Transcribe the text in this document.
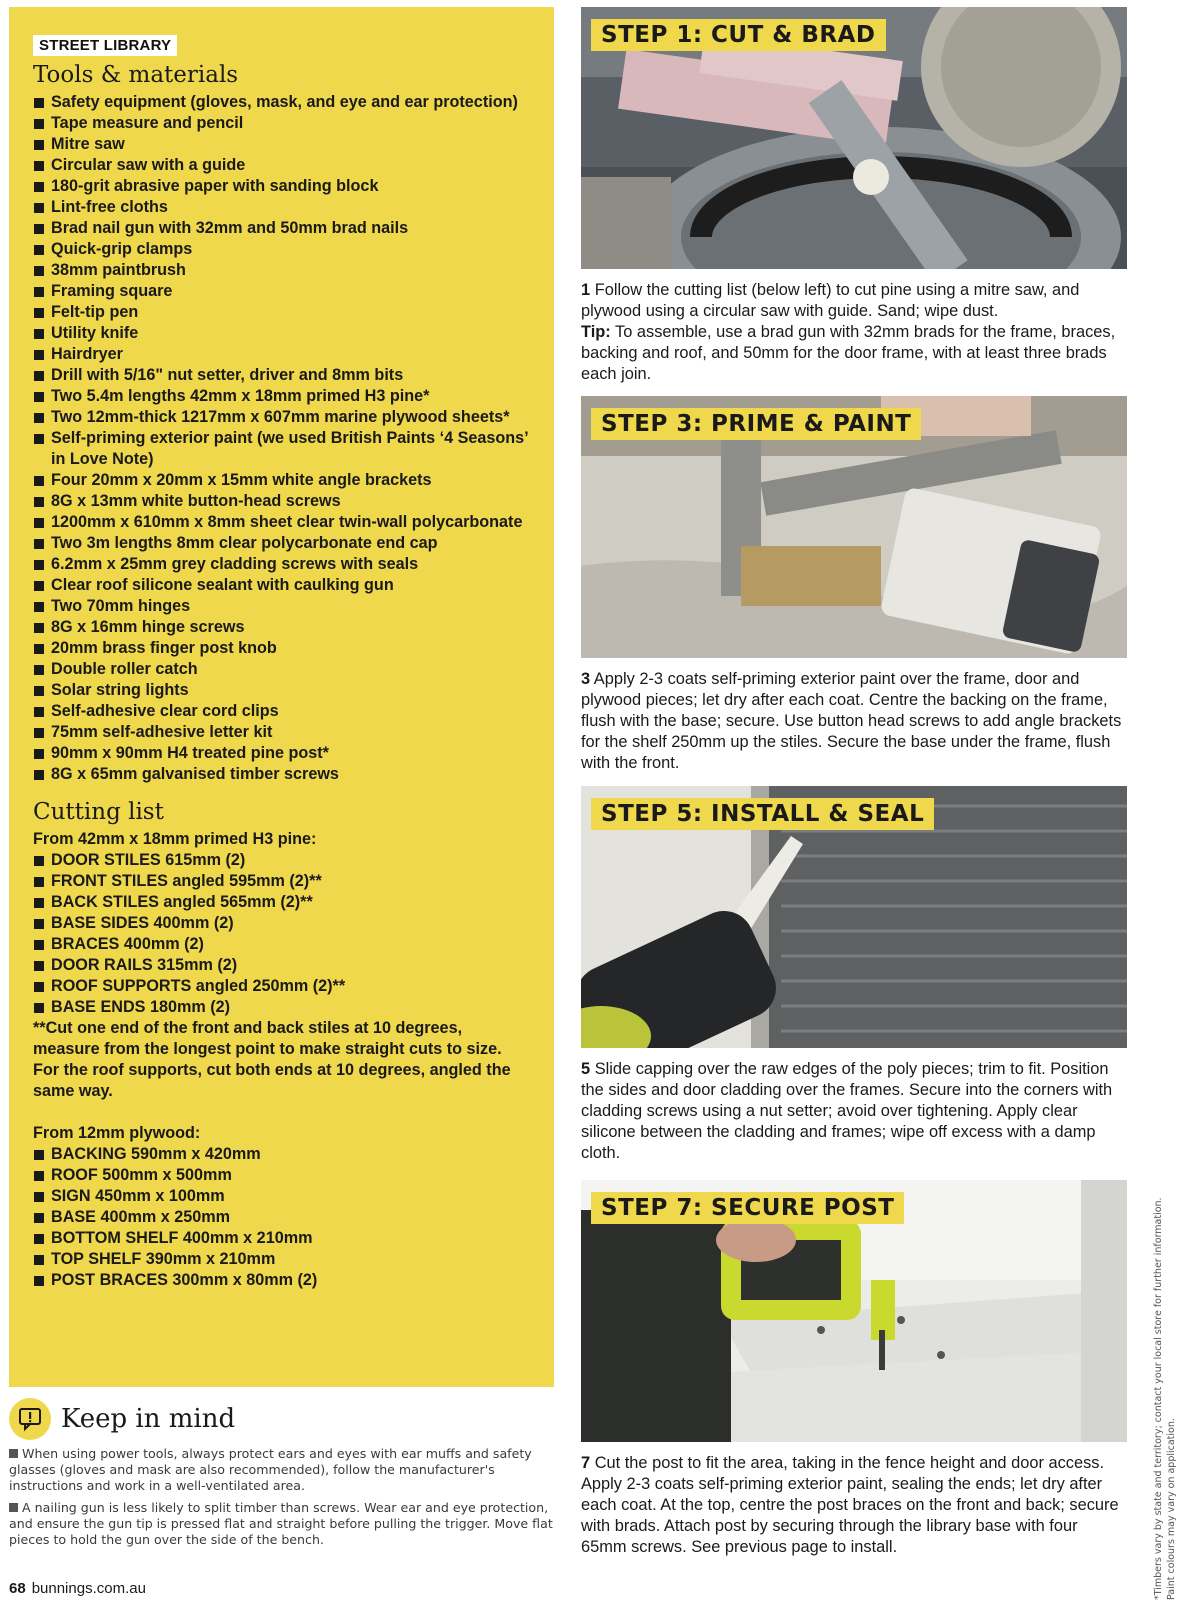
STREET LIBRARY
Tools & materials
Safety equipment (gloves, mask, and eye and ear protection)
Tape measure and pencil
Mitre saw
Circular saw with a guide
180-grit abrasive paper with sanding block
Lint-free cloths
Brad nail gun with 32mm and 50mm brad nails
Quick-grip clamps
38mm paintbrush
Framing square
Felt-tip pen
Utility knife
Hairdryer
Drill with 5/16" nut setter, driver and 8mm bits
Two 5.4m lengths 42mm x 18mm primed H3 pine*
Two 12mm-thick 1217mm x 607mm marine plywood sheets*
Self-priming exterior paint (we used British Paints ‘4 Seasons’ in Love Note)
Four 20mm x 20mm x 15mm white angle brackets
8G x 13mm white button-head screws
1200mm x 610mm x 8mm sheet clear twin-wall polycarbonate
Two 3m lengths 8mm clear polycarbonate end cap
6.2mm x 25mm grey cladding screws with seals
Clear roof silicone sealant with caulking gun
Two 70mm hinges
8G x 16mm hinge screws
20mm brass finger post knob
Double roller catch
Solar string lights
Self-adhesive clear cord clips
75mm self-adhesive letter kit
90mm x 90mm H4 treated pine post*
8G x 65mm galvanised timber screws
Cutting list

From 42mm x 18mm primed H3 pine:

DOOR STILES 615mm (2)
FRONT STILES angled 595mm (2)**
BACK STILES angled 565mm (2)**
BASE SIDES 400mm (2)
BRACES 400mm (2)
DOOR RAILS 315mm (2)
ROOF SUPPORTS angled 250mm (2)**
BASE ENDS 180mm (2)

**Cut one end of the front and back stiles at 10 degrees, measure from the longest point to make straight cuts to size. For the roof supports, cut both ends at 10 degrees, angled the same way.

From 12mm plywood:

BACKING 590mm x 420mm
ROOF 500mm x 500mm
SIGN 450mm x 100mm
BASE 400mm x 250mm
BOTTOM SHELF 400mm x 210mm
TOP SHELF 390mm x 210mm
POST BRACES 300mm x 80mm (2)
Keep in mind

When using power tools, always protect ears and eyes with ear muffs and safety glasses (gloves and mask are also recommended), follow the manufacturer's instructions and work in a well-ventilated area.

A nailing gun is less likely to split timber than screws. Wear ear and eye protection, and ensure the gun tip is pressed flat and straight before pulling the trigger. Move flat pieces to hold the gun over the side of the bench.

68 bunnings.com.au
STEP 1: CUT & BRAD

1 Follow the cutting list (below left) to cut pine using a mitre saw, and plywood using a circular saw with guide. Sand; wipe dust.
Tip: To assemble, use a brad gun with 32mm brads for the frame, braces, backing and roof, and 50mm for the door frame, with at least three brads each join.

STEP 3: PRIME & PAINT

3 Apply 2-3 coats self-priming exterior paint over the frame, door and plywood pieces; let dry after each coat. Centre the backing on the frame, flush with the base; secure. Use button head screws to add angle brackets for the shelf 250mm up the stiles. Secure the base under the frame, flush with the front.

STEP 5: INSTALL & SEAL

5 Slide capping over the raw edges of the poly pieces; trim to fit. Position the sides and door cladding over the frames. Secure into the corners with cladding screws using a nut setter; avoid over tightening. Apply clear silicone between the cladding and frames; wipe off excess with a damp cloth.

STEP 7: SECURE POST

7 Cut the post to fit the area, taking in the fence height and door access. Apply 2-3 coats self-priming exterior paint, sealing the ends; let dry after each coat. At the top, centre the post braces on the front and back; secure with brads. Attach post by securing through the library base with four 65mm screws. See previous page to install.	*Timbers vary by state and territory; contact your local store for further information. Paint colours may vary on application.
